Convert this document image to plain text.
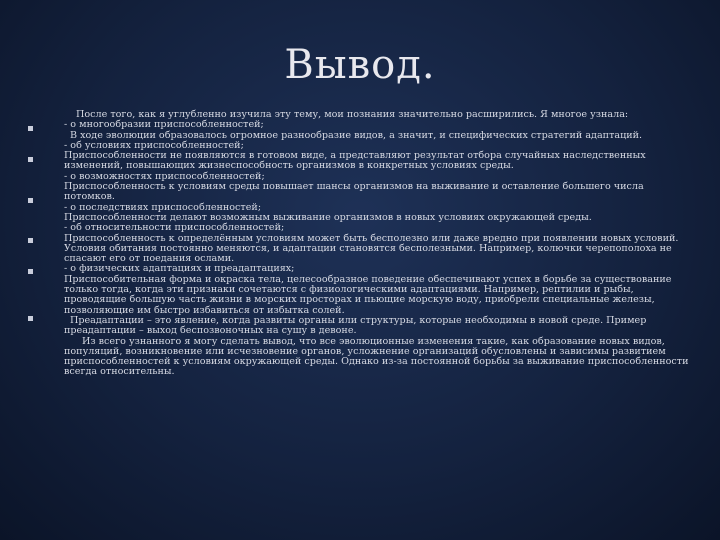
Вывод.

После того, как я углубленно изучила эту тему, мои познания значительно расширились. Я многое узнала:

- о многообразии приспособленностей;

В ходе эволюции образовалось огромное разнообразие видов, а значит, и специфических стратегий адаптаций.

- об условиях приспособленностей;

Приспособленности не появляются в готовом виде, а представляют результат отбора случайных наследственных изменений, повышающих жизнеспособность организмов в конкретных условиях среды.

- о возможностях приспособленностей;

Приспособленность к условиям среды повышает шансы организмов на выживание и оставление большего числа потомков.

- о последствиях приспособленностей;

Приспособленности делают возможным выживание организмов в новых условиях окружающей среды.

- об относительности приспособленностей;

Приспособленность к определённым условиям может быть бесполезно или даже вредно при появлении новых условий. Условия обитания постоянно меняются, и адаптации становятся бесполезными. Например, колючки черепополоха не спасают его от поедания ослами.

- о физических адаптациях и преадаптациях;

Приспособительная форма и окраска тела, целесообразное поведение обеспечивают успех в борьбе за существование только тогда, когда эти признаки сочетаются с физиологическими адаптациями. Например, рептилии и рыбы, проводящие большую часть жизни в морских просторах и пьющие морскую воду, приобрели специальные железы, позволяющие им быстро избавиться от избытка солей.

Преадаптации – это явление, когда развиты органы или структуры, которые необходимы в новой среде. Пример преадаптации – выход беспозвоночных на сушу в девоне.

Из всего узнанного я могу сделать вывод, что все эволюционные изменения такие, как образование новых видов, популяций, возникновение или исчезновение органов, усложнение организаций обусловлены и зависимы развитием приспособленностей к условиям окружающей среды. Однако из-за постоянной борьбы за выживание приспособленности всегда относительны.
